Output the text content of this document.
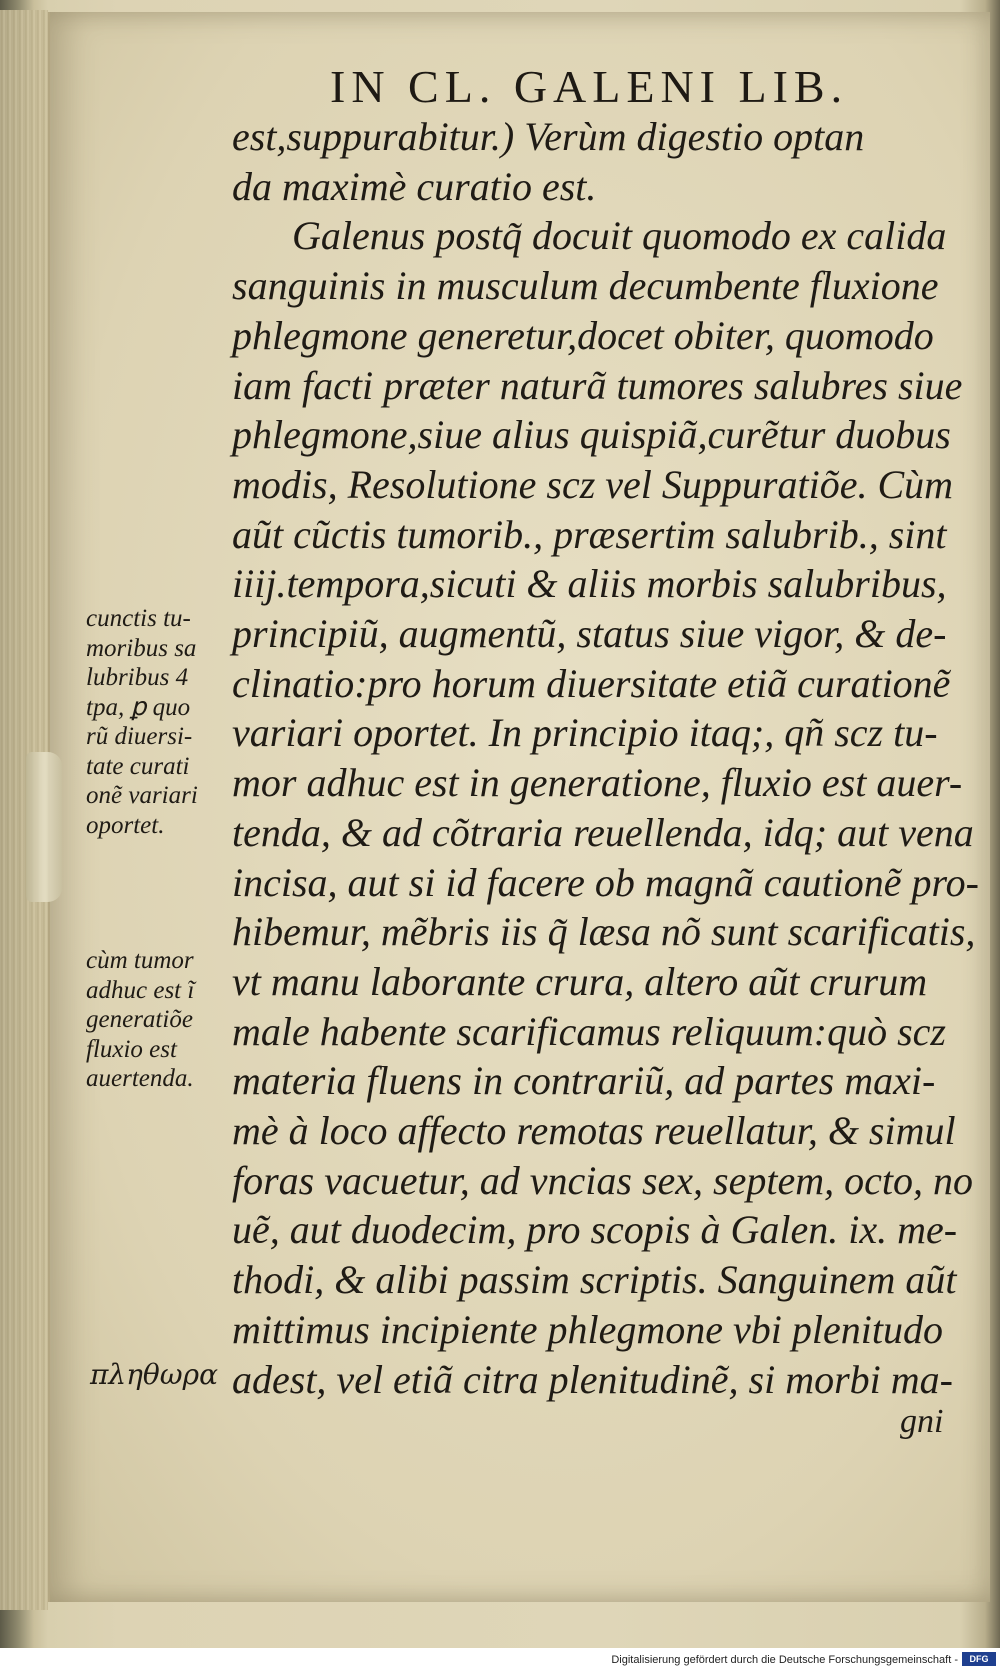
IN CL. GALENI LIB.
est,suppurabitur.) Verùm digestio optan
da maximè curatio est.
Galenus postq̃ docuit quomodo ex calida
sanguinis in musculum decumbente fluxione
phlegmone generetur,docet obiter, quomodo
iam facti præter naturã tumores salubres siue
phlegmone,siue alius quispiã,curẽtur duobus
modis, Resolutione scz vel Suppuratiõe. Cùm
aũt cũctis tumorib., præsertim salubrib., sint
iiij.tempora,sicuti & aliis morbis salubribus,
principiũ, augmentũ, status siue vigor, & de-
clinatio:pro horum diuersitate etiã curationẽ
variari oportet. In principio itaq;, qñ scz tu-
mor adhuc est in generatione, fluxio est auer-
tenda, & ad cõtraria reuellenda, idq; aut vena
incisa, aut si id facere ob magnã cautionẽ pro-
hibemur, mẽbris iis q̃ læsa nõ sunt scarificatis,
vt manu laborante crura, altero aũt crurum
male habente scarificamus reliquum:quò scz
materia fluens in contrariũ, ad partes maxi-
mè à loco affecto remotas reuellatur, & simul
foras vacuetur, ad vncias sex, septem, octo, no
uẽ, aut duodecim, pro scopis à Galen. ix. me-
thodi, & alibi passim scriptis. Sanguinem aũt
mittimus incipiente phlegmone vbi plenitudo
adest, vel etiã citra plenitudinẽ, si morbi ma-
gni
cunctis tu-
moribus sa
lubribus 4
tpa, ꝑ quo
rũ diuersi-
tate curati
onẽ variari
oportet.
cùm tumor
adhuc est ĩ
generatiõe
fluxio est
auertenda.
πληθωρα
Digitalisierung gefördert durch die Deutsche Forschungsgemeinschaft -	DFG
